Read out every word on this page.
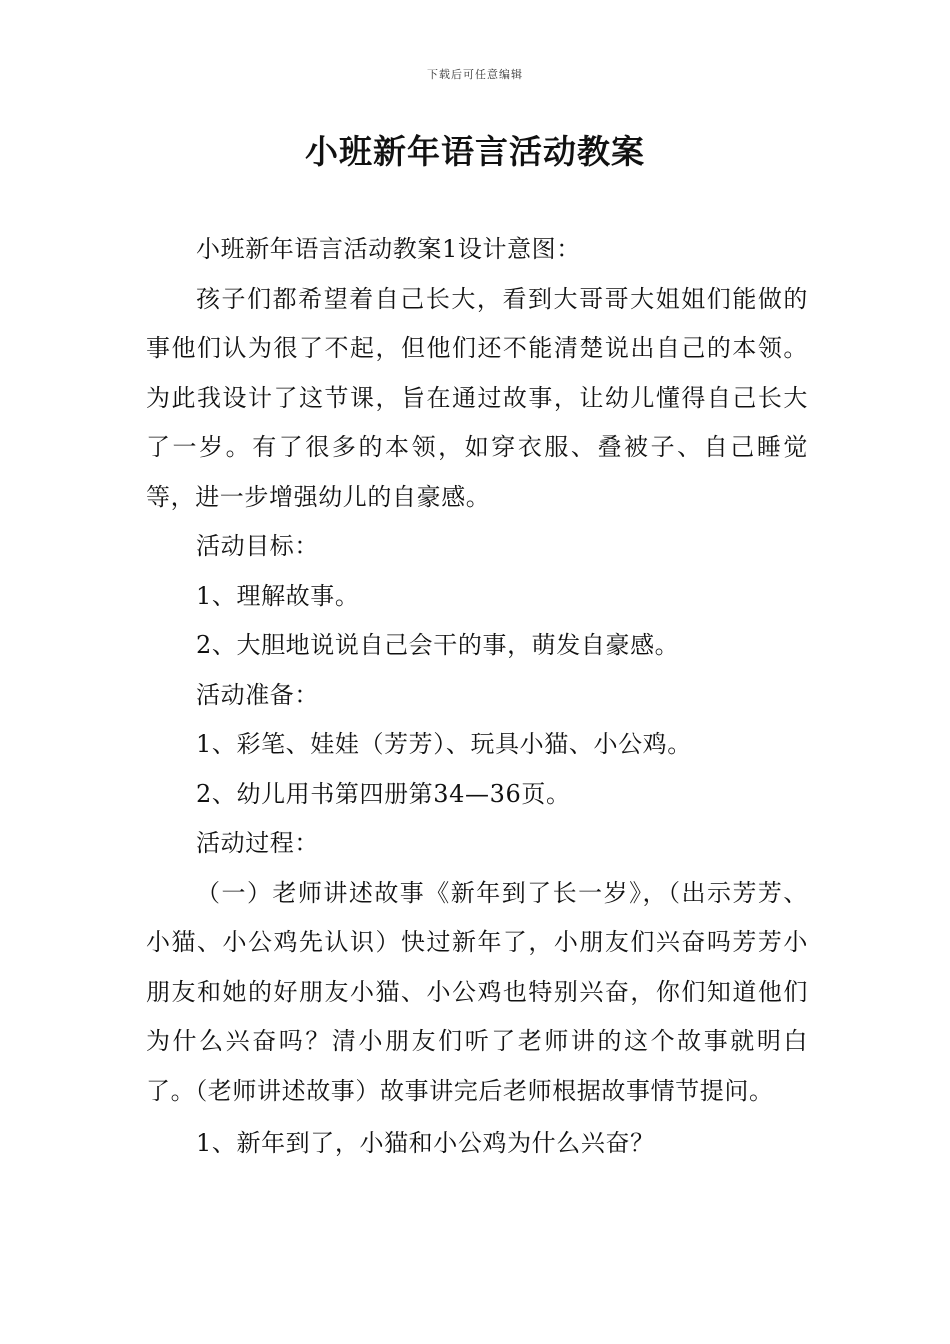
下载后可任意编辑
小班新年语言活动教案

小班新年语言活动教案1设计意图：

孩子们都希望着自己长大，看到大哥哥大姐姐们能做的事他们认为很了不起，但他们还不能清楚说出自己的本领。为此我设计了这节课，旨在通过故事，让幼儿懂得自己长大了一岁。有了很多的本领，如穿衣服、叠被子、自己睡觉等，进一步增强幼儿的自豪感。

活动目标：

1、理解故事。

2、大胆地说说自己会干的事，萌发自豪感。

活动准备：

1、彩笔、娃娃（芳芳）、玩具小猫、小公鸡。

2、幼儿用书第四册第34—36页。

活动过程：

（一）老师讲述故事《新年到了长一岁》，（出示芳芳、小猫、小公鸡先认识）快过新年了，小朋友们兴奋吗芳芳小朋友和她的好朋友小猫、小公鸡也特别兴奋，你们知道他们为什么兴奋吗？清小朋友们听了老师讲的这个故事就明白了。（老师讲述故事）故事讲完后老师根据故事情节提问。

1、新年到了，小猫和小公鸡为什么兴奋？
